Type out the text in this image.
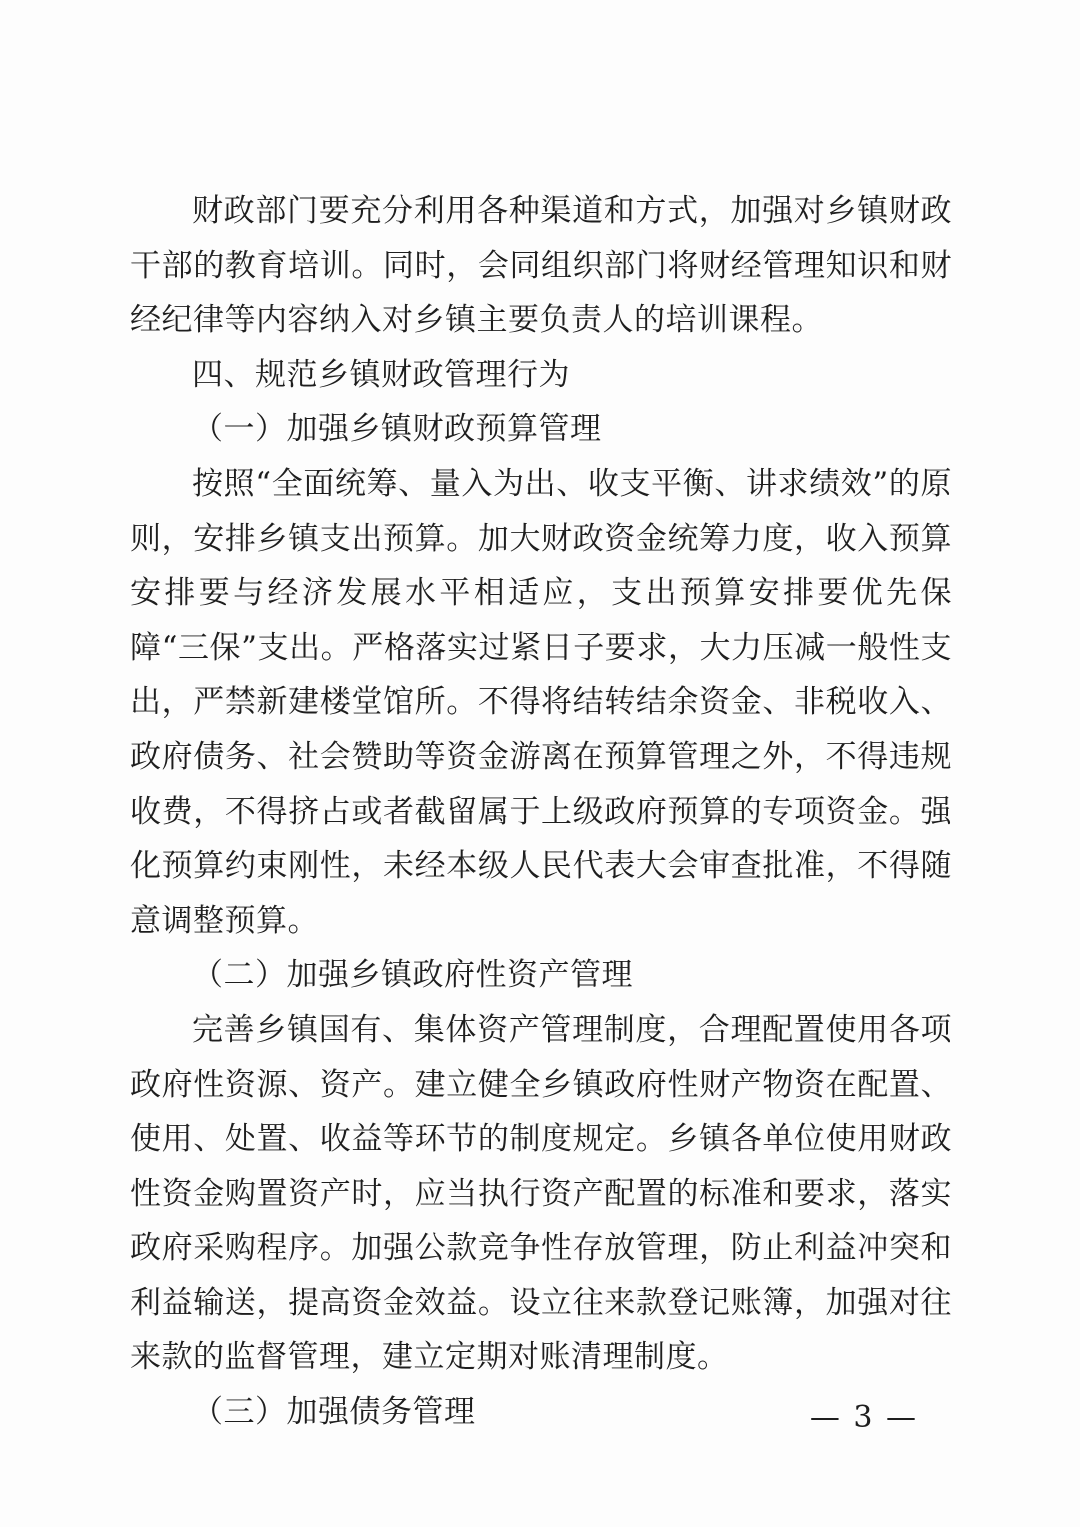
财政部门要充分利用各种渠道和方式，加强对乡镇财政干部的教育培训。同时，会同组织部门将财经管理知识和财经纪律等内容纳入对乡镇主要负责人的培训课程。

四、规范乡镇财政管理行为

（一）加强乡镇财政预算管理

按照“全面统筹、量入为出、收支平衡、讲求绩效”的原则，安排乡镇支出预算。加大财政资金统筹力度，收入预算安排要与经济发展水平相适应，支出预算安排要优先保障“三保”支出。严格落实过紧日子要求，大力压减一般性支出，严禁新建楼堂馆所。不得将结转结余资金、非税收入、政府债务、社会赞助等资金游离在预算管理之外，不得违规收费，不得挤占或者截留属于上级政府预算的专项资金。强化预算约束刚性，未经本级人民代表大会审查批准，不得随意调整预算。

（二）加强乡镇政府性资产管理

完善乡镇国有、集体资产管理制度，合理配置使用各项政府性资源、资产。建立健全乡镇政府性财产物资在配置、使用、处置、收益等环节的制度规定。乡镇各单位使用财政性资金购置资产时，应当执行资产配置的标准和要求，落实政府采购程序。加强公款竞争性存放管理，防止利益冲突和利益输送，提高资金效益。设立往来款登记账簿，加强对往来款的监督管理，建立定期对账清理制度。

（三）加强债务管理	— 3 —
